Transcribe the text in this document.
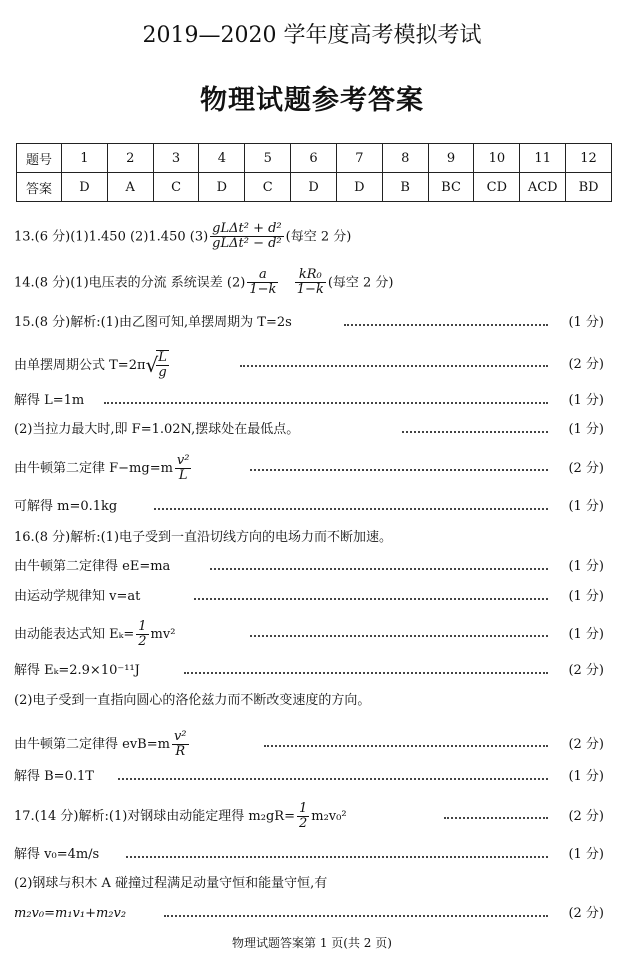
2019—2020 学年度高考模拟考试
物理试题参考答案
题号	1	2	3	4	5	6	7	8	9	10	11	12
答案	D	A	C	D	C	D	D	B	BC	CD	ACD	BD
13.(6 分)(1)1.450 (2)1.450 $(3) \frac{\text{gLΔt² + d²}}{\text{gLΔt² − d²}}$ (每空 2 分)
14.(8 分)(1)电压表的分流 系统误差 $(2) \frac{a}{1-k}$
$\frac{\text{kR₀}}{1-k}$ (每空 2 分)
15.(8 分)解析:(1)由乙图可知,单摆周期为 T=2s	(1 分)
由单摆周期公式 T=2π√
$\frac{L}{g}$	(2 分)
解得 L=1m	(1 分)
(2)当拉力最大时,即 F=1.02N,摆球处在最低点。	(1 分)
由牛顿第二定律 $F-mg=m \frac{\text{v²}}{L}$	(2 分)
可解得 m=0.1kg	(1 分)
16.(8 分)解析:(1)电子受到一直沿切线方向的电场力而不断加速。
由牛顿第二定律得 eE=ma	(1 分)
由运动学规律知 v=at	(1 分)
由动能表达式知 $E_k= \frac{1}{2} mv^2$	(1 分)
解得 Eₖ=2.9×10⁻¹¹J	(2 分)
(2)电子受到一直指向圆心的洛伦兹力而不断改变速度的方向。
由牛顿第二定律得 $evB=m \frac{\text{v²}}{R}$	(2 分)
解得 B=0.1T	(1 分)
17.(14 分)解析:(1)对钢球由动能定理得 $m_2gR= \frac{1}{2} m_2v_0^2$	(2 分)
解得 v₀=4m/s	(1 分)
(2)钢球与积木 A 碰撞过程满足动量守恒和能量守恒,有
m₂v₀=m₁v₁+m₂v₂	(2 分)
物理试题答案第 1 页(共 2 页)
